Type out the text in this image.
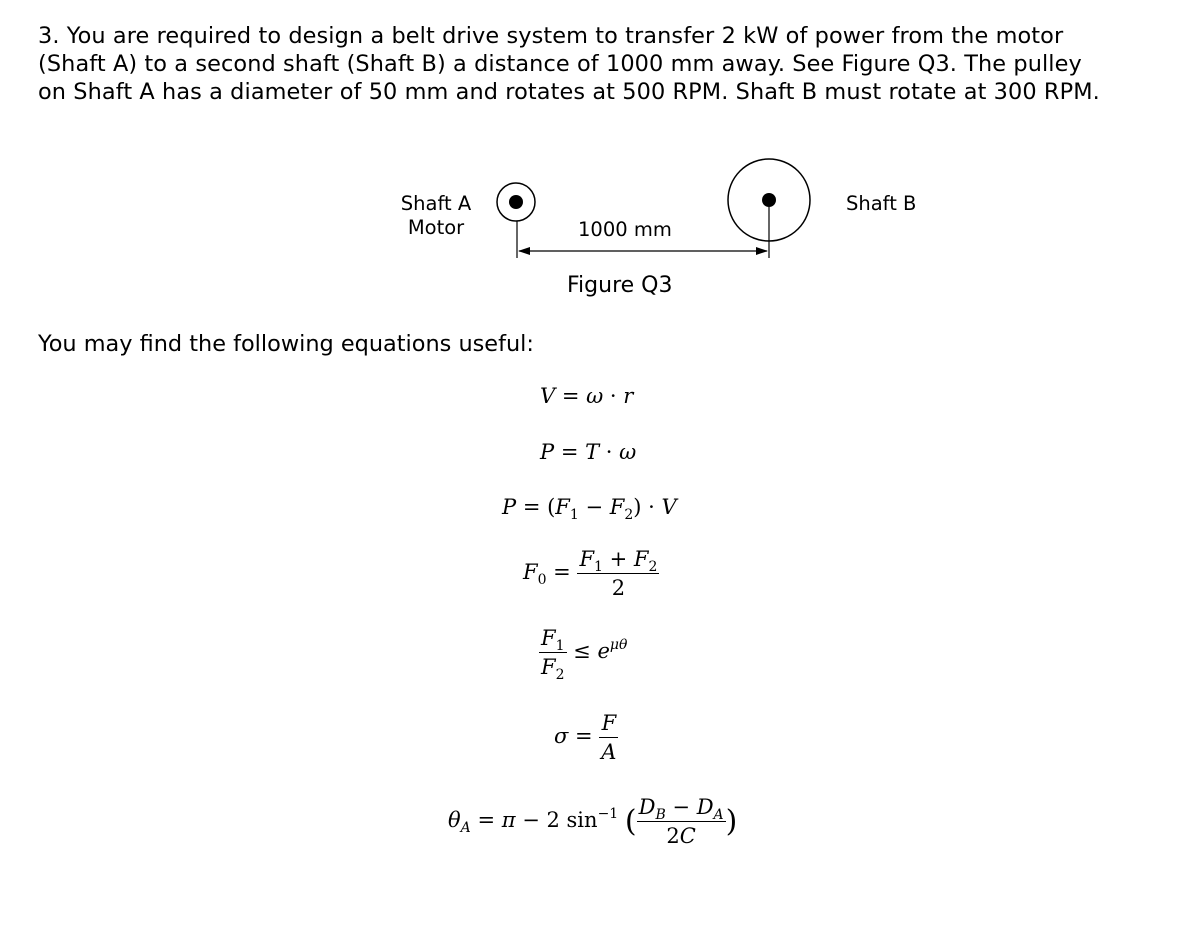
3. You are required to design a belt drive system to transfer 2 kW of power from the motor
(Shaft A) to a second shaft (Shaft B) a distance of 1000 mm away. See Figure Q3. The pulley
on Shaft A has a diameter of 50 mm and rotates at 500 RPM. Shaft B must rotate at 300 RPM.
Shaft A
Motor
Shaft B
1000 mm
Figure Q3
You may find the following equations useful:
V = ω · r
P = T · ω
$P = (F_1 - F_2) \cdot V$
$F_0 = \frac{F_1 + F_2}{2}$
$\frac{F_1}{F_2} \le e^{\mu\theta}$
$\sigma = \frac{F}{A}$
$\theta_A = \pi - 2$ $\sin^{-1}$ ( $\frac{D_B - D_A}{2C}$ )
